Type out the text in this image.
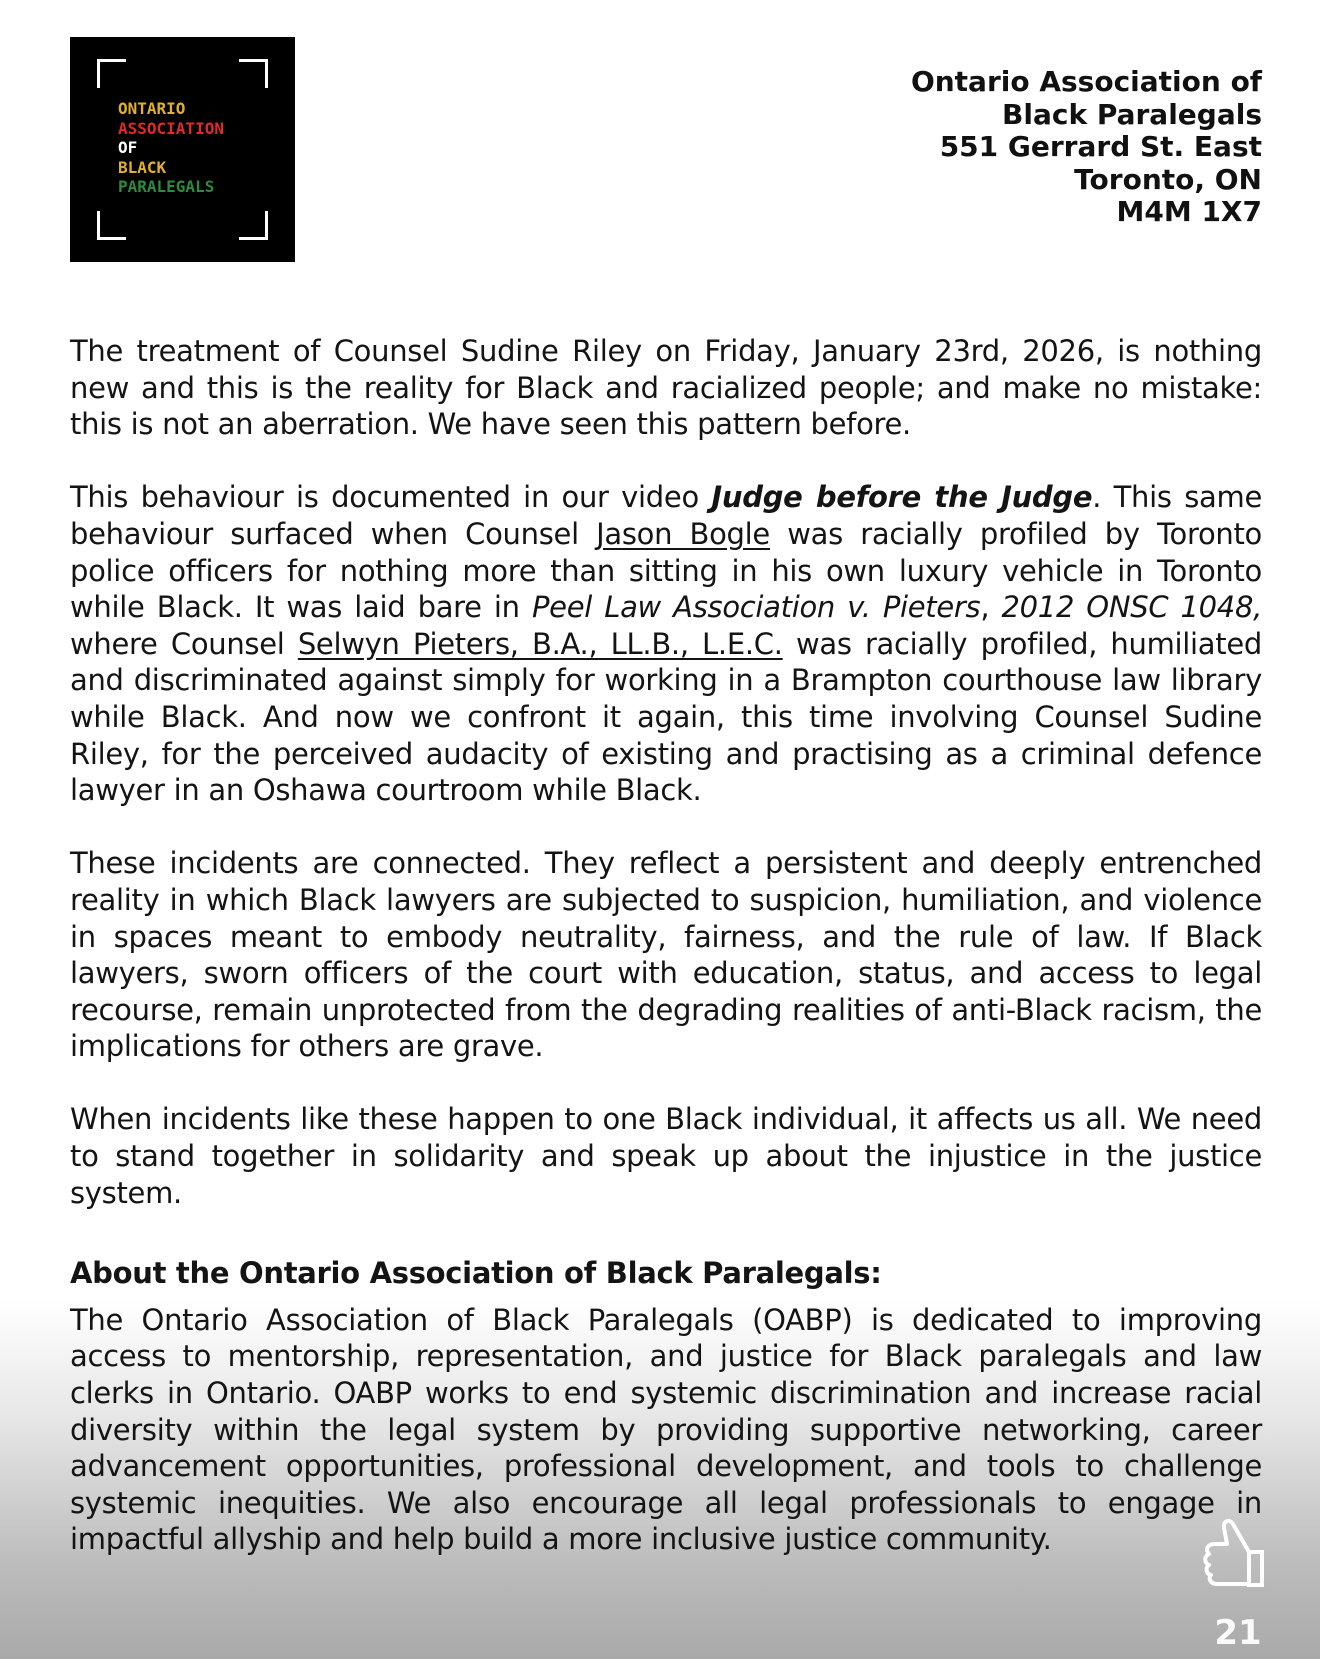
ONTARIO
ASSOCIATION
OF
BLACK
PARALEGALS
Ontario Association of
Black Paralegals
551 Gerrard St. East
Toronto, ON
M4M 1X7

The treatment of Counsel Sudine Riley on Friday, January 23rd, 2026, is nothing new and this is the reality for Black and racialized people; and make no mistake: this is not an aberration. We have seen this pattern before.

This behaviour is documented in our video Judge before the Judge. This same behaviour surfaced when Counsel Jason Bogle was racially profiled by Toronto police officers for nothing more than sitting in his own luxury vehicle in Toronto while Black. It was laid bare in Peel Law Association v. Pieters, 2012 ONSC 1048, where Counsel Selwyn Pieters, B.A., LL.B., L.E.C. was racially profiled, humiliated and discriminated against simply for working in a Brampton courthouse law library while Black. And now we confront it again, this time involving Counsel Sudine Riley, for the perceived audacity of existing and practising as a criminal defence lawyer in an Oshawa courtroom while Black.

These incidents are connected. They reflect a persistent and deeply entrenched reality in which Black lawyers are subjected to suspicion, humiliation, and violence in spaces meant to embody neutrality, fairness, and the rule of law. If Black lawyers, sworn officers of the court with education, status, and access to legal recourse, remain unprotected from the degrading realities of anti-Black racism, the implications for others are grave.

When incidents like these happen to one Black individual, it affects us all. We need to stand together in solidarity and speak up about the injustice in the justice system.

About the Ontario Association of Black Paralegals:

The Ontario Association of Black Paralegals (OABP) is dedicated to improving access to mentorship, representation, and justice for Black paralegals and law clerks in Ontario. OABP works to end systemic discrimination and increase racial diversity within the legal system by providing supportive networking, career advancement opportunities, professional development, and tools to challenge systemic inequities. We also encourage all legal professionals to engage in impactful allyship and help build a more inclusive justice community.

21
